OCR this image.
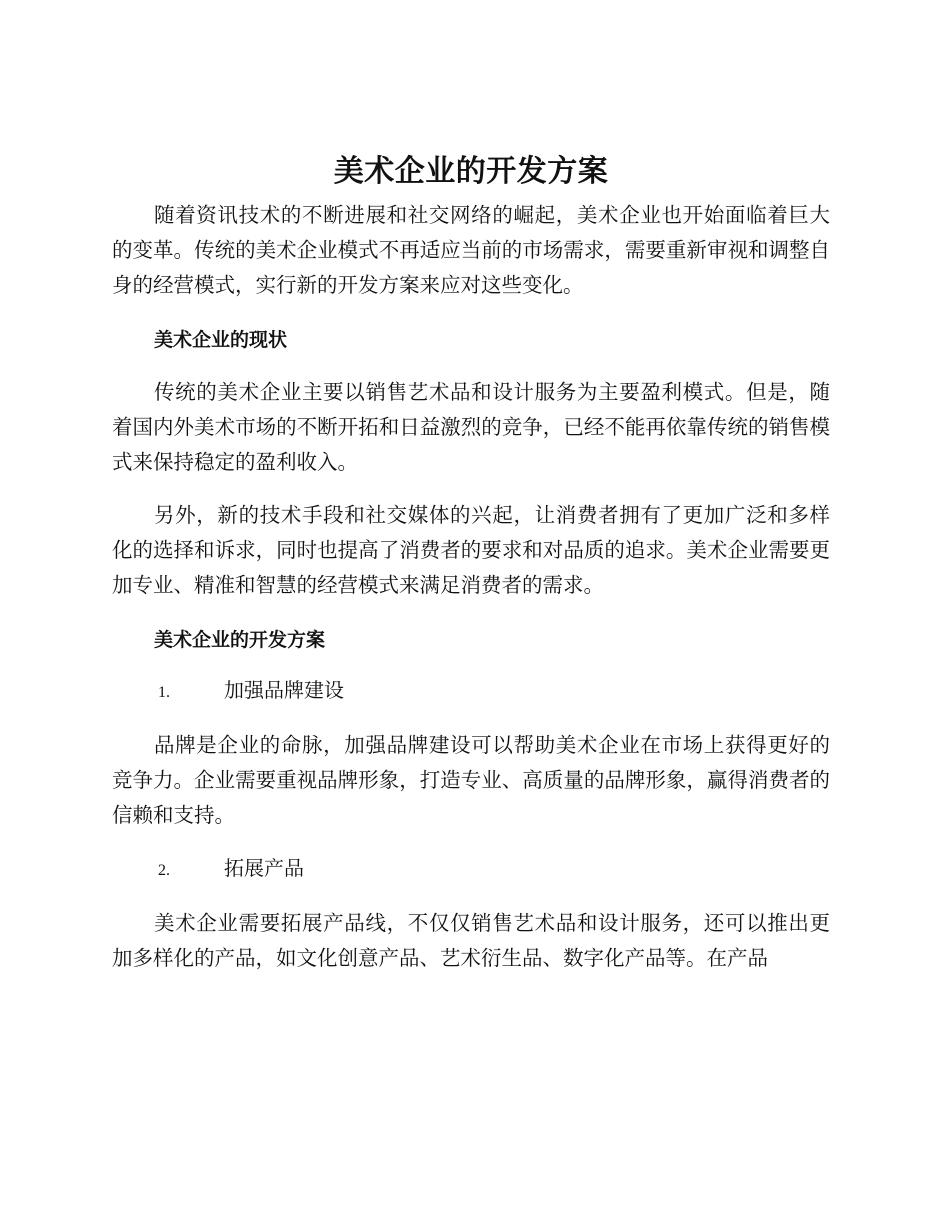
美术企业的开发方案

随着资讯技术的不断进展和社交网络的崛起，美术企业也开始面临着巨大的变革。传统的美术企业模式不再适应当前的市场需求，需要重新审视和调整自身的经营模式，实行新的开发方案来应对这些变化。

美术企业的现状

传统的美术企业主要以销售艺术品和设计服务为主要盈利模式。但是，随着国内外美术市场的不断开拓和日益激烈的竞争，已经不能再依靠传统的销售模式来保持稳定的盈利收入。

另外，新的技术手段和社交媒体的兴起，让消费者拥有了更加广泛和多样化的选择和诉求，同时也提高了消费者的要求和对品质的追求。美术企业需要更加专业、精准和智慧的经营模式来满足消费者的需求。

美术企业的开发方案
1.	加强品牌建设

品牌是企业的命脉，加强品牌建设可以帮助美术企业在市场上获得更好的竞争力。企业需要重视品牌形象，打造专业、高质量的品牌形象，赢得消费者的信赖和支持。

2.	拓展产品

美术企业需要拓展产品线，不仅仅销售艺术品和设计服务，还可以推出更加多样化的产品，如文化创意产品、艺术衍生品、数字化产品等。在产品
